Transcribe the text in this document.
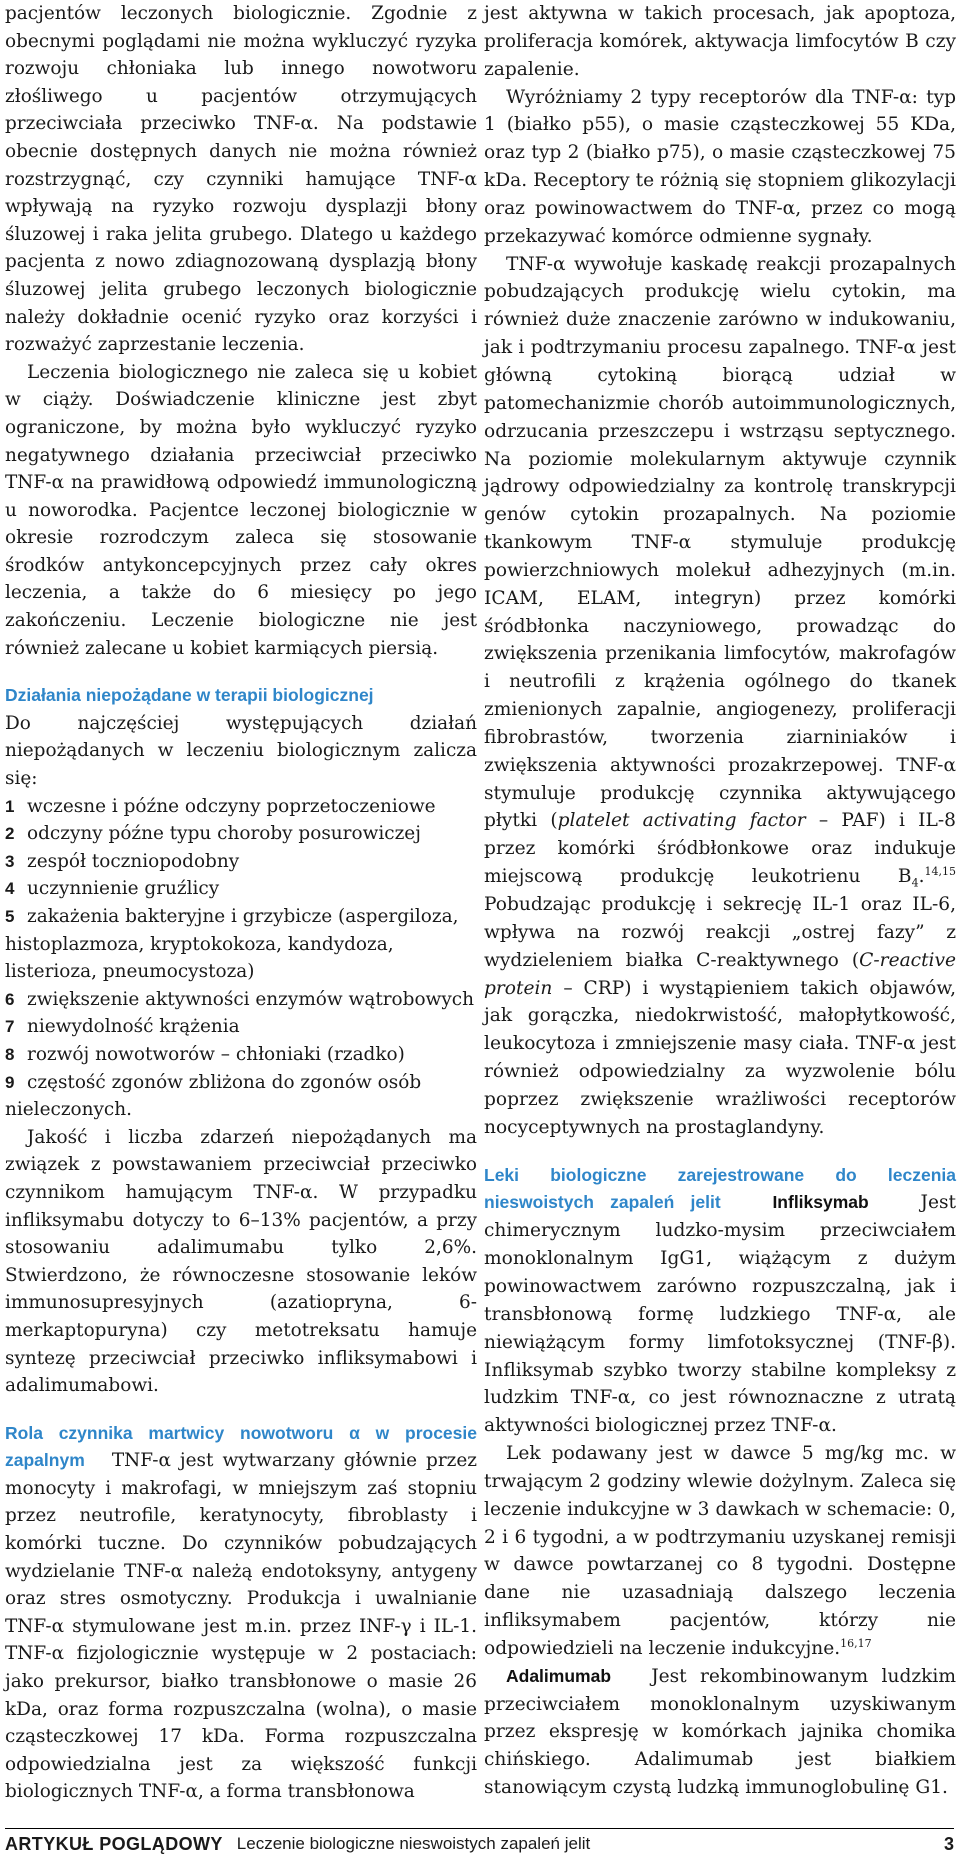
pacjentów leczonych biologicznie. Zgodnie z obecnymi poglądami nie można wykluczyć ryzyka rozwoju chłoniaka lub innego nowotworu złośliwego u pacjentów otrzymujących przeciwciała przeciwko TNF-α. Na podstawie obecnie dostępnych danych nie można również rozstrzygnąć, czy czynniki hamujące TNF-α wpływają na ryzyko rozwoju dysplazji błony śluzowej i raka jelita grubego. Dlatego u każdego pacjenta z nowo zdiagnozowaną dysplazją błony śluzowej jelita grubego leczonych biologicznie należy dokładnie ocenić ryzyko oraz korzyści i rozważyć zaprzestanie leczenia.

Leczenia biologicznego nie zaleca się u kobiet w ciąży. Doświadczenie kliniczne jest zbyt ograniczone, by można było wykluczyć ryzyko negatywnego działania przeciwciał przeciwko TNF-α na prawidłową odpowiedź immunologiczną u noworodka. Pacjentce leczonej biologicznie w okresie rozrodczym zaleca się stosowanie środków antykoncepcyjnych przez cały okres leczenia, a także do 6 miesięcy po jego zakończeniu. Leczenie biologiczne nie jest również zalecane u kobiet karmiących piersią.

Działania niepożądane w terapii biologicznej

Do najczęściej występujących działań niepożądanych w leczeniu biologicznym zalicza się:

1 wczesne i późne odczyny poprzetoczeniowe
2 odczyny późne typu choroby posurowiczej
3 zespół toczniopodobny
4 uczynnienie gruźlicy
5 zakażenia bakteryjne i grzybicze (aspergiloza, histoplazmoza, kryptokokoza, kandydoza, listerioza, pneumocystoza)
6 zwiększenie aktywności enzymów wątrobowych
7 niewydolność krążenia
8 rozwój nowotworów – chłoniaki (rzadko)
9 częstość zgonów zbliżona do zgonów osób nieleczonych.

Jakość i liczba zdarzeń niepożądanych ma związek z powstawaniem przeciwciał przeciwko czynnikom hamującym TNF-α. W przypadku infliksymabu dotyczy to 6–13% pacjentów, a przy stosowaniu adalimumabu tylko 2,6%. Stwierdzono, że równoczesne stosowanie leków immunosupresyjnych (azatiopryna, 6-merkaptopuryna) czy metotreksatu hamuje syntezę przeciwciał przeciwko infliksymabowi i adalimumabowi.

Rola czynnika martwicy nowotworu α w procesie zapalnym TNF-α jest wytwarzany głównie przez monocyty i makrofagi, w mniejszym zaś stopniu przez neutrofile, keratynocyty, fibroblasty i komórki tuczne. Do czynników pobudzających wydzielanie TNF-α należą endotoksyny, antygeny oraz stres osmotyczny. Produkcja i uwalnianie TNF-α stymulowane jest m.in. przez INF-γ i IL-1. TNF-α fizjologicznie występuje w 2 postaciach: jako prekursor, białko transbłonowe o masie 26 kDa, oraz forma rozpuszczalna (wolna), o masie cząsteczkowej 17 kDa. Forma rozpuszczalna odpowiedzialna jest za większość funkcji biologicznych TNF-α, a forma transbłonowa

jest aktywna w takich procesach, jak apoptoza, proliferacja komórek, aktywacja limfocytów B czy zapalenie.

Wyróżniamy 2 typy receptorów dla TNF-α: typ 1 (białko p55), o masie cząsteczkowej 55 KDa, oraz typ 2 (białko p75), o masie cząsteczkowej 75 kDa. Receptory te różnią się stopniem glikozylacji oraz powinowactwem do TNF-α, przez co mogą przekazywać komórce odmienne sygnały.

TNF-α wywołuje kaskadę reakcji prozapalnych pobudzających produkcję wielu cytokin, ma również duże znaczenie zarówno w indukowaniu, jak i podtrzymaniu procesu zapalnego. TNF-α jest główną cytokiną biorącą udział w patomechanizmie chorób autoimmunologicznych, odrzucania przeszczepu i wstrząsu septycznego. Na poziomie molekularnym aktywuje czynnik jądrowy odpowiedzialny za kontrolę transkrypcji genów cytokin prozapalnych. Na poziomie tkankowym TNF-α stymuluje produkcję powierzchniowych molekuł adhezyjnych (m.in. ICAM, ELAM, integryn) przez komórki śródbłonka naczyniowego, prowadząc do zwiększenia przenikania limfocytów, makrofagów i neutrofili z krążenia ogólnego do tkanek zmienionych zapalnie, angiogenezy, proliferacji fibrobrastów, tworzenia ziarniniaków i zwiększenia aktywności prozakrzepowej. TNF-α stymuluje produkcję czynnika aktywującego płytki (platelet activating factor – PAF) i IL-8 przez komórki śródbłonkowe oraz indukuje miejscową produkcję leukotrienu $B_4.^{14,15}$ Pobudzając produkcję i sekrecję IL-1 oraz IL-6, wpływa na rozwój reakcji „ostrej fazy” z wydzieleniem białka C-reaktywnego (C-reactive protein – CRP) i wystąpieniem takich objawów, jak gorączka, niedokrwistość, małopłytkowość, leukocytoza i zmniejszenie masy ciała. TNF-α jest również odpowiedzialny za wyzwolenie bólu poprzez zwiększenie wrażliwości receptorów nocyceptywnych na prostaglandyny.

Leki biologiczne zarejestrowane do leczenia nieswoistych zapaleń jelit	Infliksymab	Jest chimerycznym ludzko-mysim przeciwciałem monoklonalnym IgG1, wiążącym z dużym powinowactwem zarówno rozpuszczalną, jak i transbłonową formę ludzkiego TNF-α, ale niewiążącym formy limfotoksycznej (TNF-β). Infliksymab szybko tworzy stabilne kompleksy z ludzkim TNF-α, co jest równoznaczne z utratą aktywności biologicznej przez TNF-α.

Lek podawany jest w dawce 5 mg/kg mc. w trwającym 2 godziny wlewie dożylnym. Zaleca się leczenie indukcyjne w 3 dawkach w schemacie: 0, 2 i 6 tygodni, a w podtrzymaniu uzyskanej remisji w dawce powtarzanej co 8 tygodni. Dostępne dane nie uzasadniają dalszego leczenia infliksymabem pacjentów, którzy nie odpowiedzieli na leczenie indukcyjne.$^{16,17}$

Adalimumab Jest rekombinowanym ludzkim przeciwciałem monoklonalnym uzyskiwanym przez ekspresję w komórkach jajnika chomika chińskiego. Adalimumab jest białkiem stanowiącym czystą ludzką immunoglobulinę G1.

ARTYKUŁ POGLĄDOWY Leczenie biologiczne nieswoistych zapaleń jelit	3
